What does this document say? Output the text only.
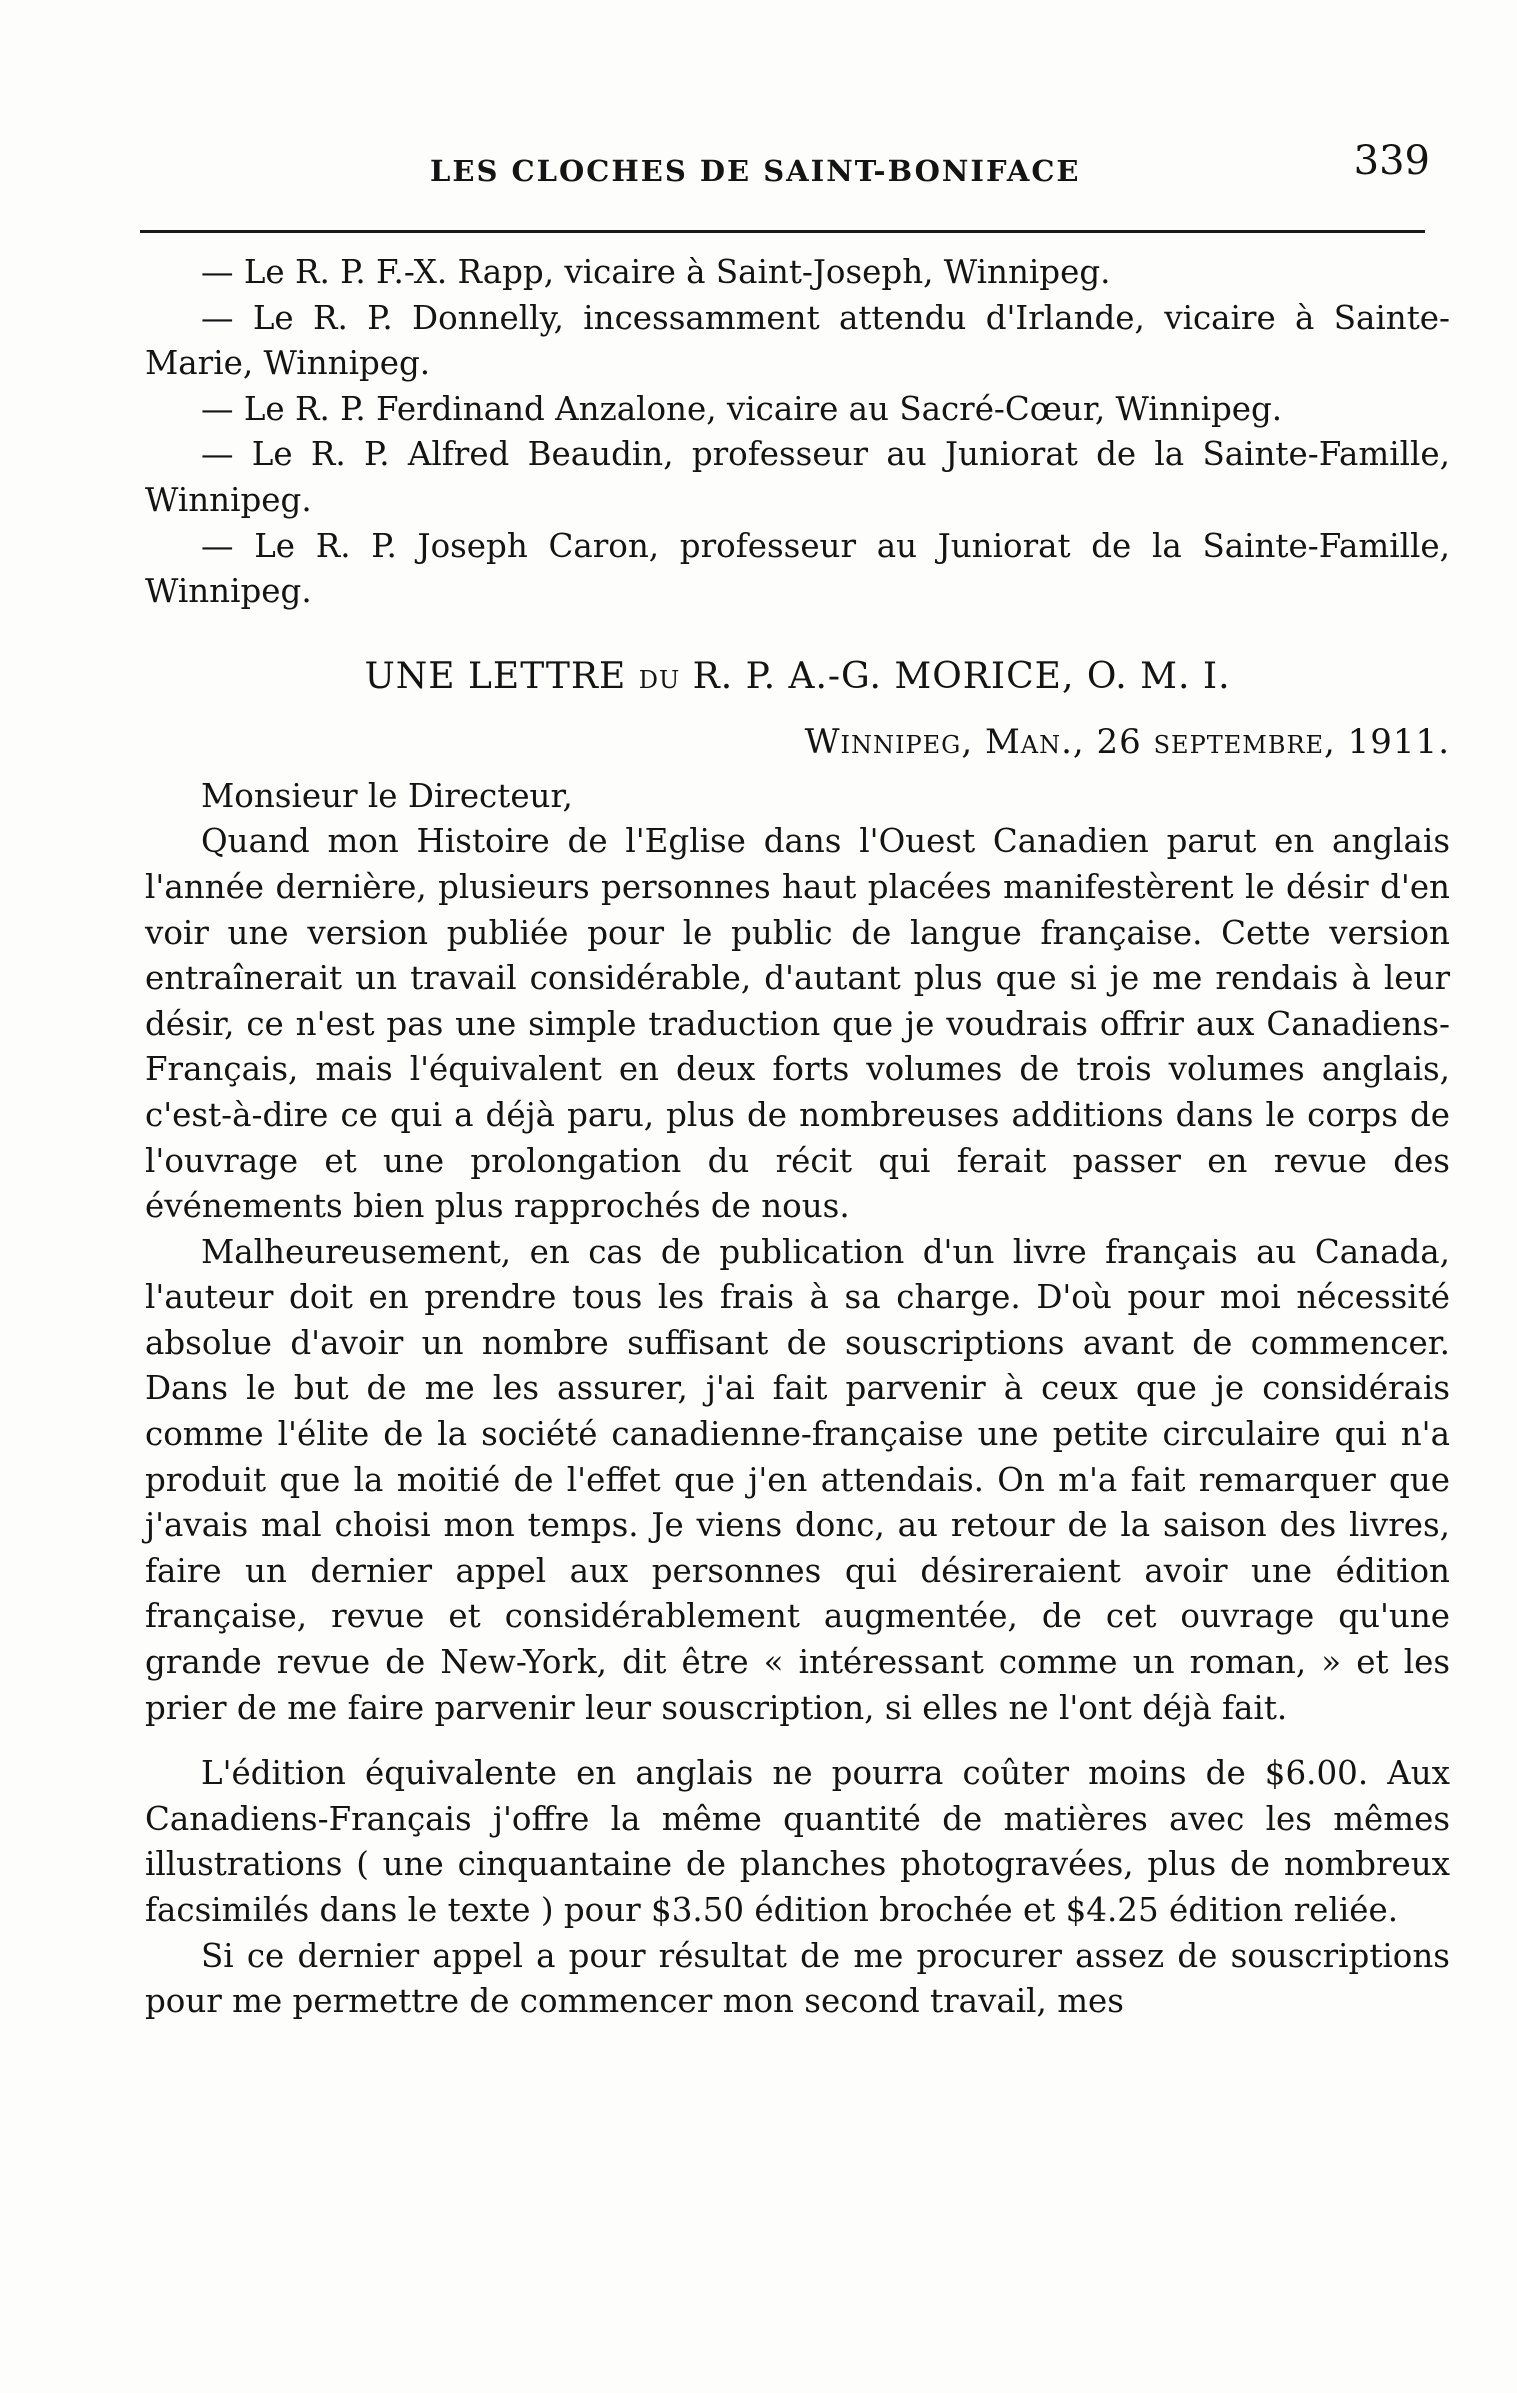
LES CLOCHES DE SAINT-BONIFACE	339

— Le R. P. F.-X. Rapp, vicaire à Saint-Joseph, Winnipeg.

— Le R. P. Donnelly, incessamment attendu d'Irlande, vicaire à Sainte-Marie, Winnipeg.

— Le R. P. Ferdinand Anzalone, vicaire au Sacré-Cœur, Winnipeg.

— Le R. P. Alfred Beaudin, professeur au Juniorat de la Sainte-Famille, Winnipeg.

— Le R. P. Joseph Caron, professeur au Juniorat de la Sainte-Famille, Winnipeg.

UNE LETTRE DU R. P. A.-G. MORICE, O. M. I.
Winnipeg, Man., 26 septembre, 1911.
Monsieur le Directeur,

Quand mon Histoire de l'Eglise dans l'Ouest Canadien parut en anglais l'année dernière, plusieurs personnes haut placées manifestèrent le désir d'en voir une version publiée pour le public de langue française. Cette version entraînerait un travail considérable, d'autant plus que si je me rendais à leur désir, ce n'est pas une simple traduction que je voudrais offrir aux Canadiens-Français, mais l'équivalent en deux forts volumes de trois volumes anglais, c'est-à-dire ce qui a déjà paru, plus de nombreuses additions dans le corps de l'ouvrage et une prolongation du récit qui ferait passer en revue des événements bien plus rapprochés de nous.

Malheureusement, en cas de publication d'un livre français au Canada, l'auteur doit en prendre tous les frais à sa charge. D'où pour moi nécessité absolue d'avoir un nombre suffisant de souscriptions avant de commencer. Dans le but de me les assurer, j'ai fait parvenir à ceux que je considérais comme l'élite de la société canadienne-française une petite circulaire qui n'a produit que la moitié de l'effet que j'en attendais. On m'a fait remarquer que j'avais mal choisi mon temps. Je viens donc, au retour de la saison des livres, faire un dernier appel aux personnes qui désireraient avoir une édition française, revue et considérablement augmentée, de cet ouvrage qu'une grande revue de New-York, dit être « intéressant comme un roman, » et les prier de me faire parvenir leur souscription, si elles ne l'ont déjà fait.

L'édition équivalente en anglais ne pourra coûter moins de $6.00. Aux Canadiens-Français j'offre la même quantité de matières avec les mêmes illustrations ( une cinquantaine de planches photogravées, plus de nombreux facsimilés dans le texte ) pour $3.50 édition brochée et $4.25 édition reliée.

Si ce dernier appel a pour résultat de me procurer assez de souscriptions pour me permettre de commencer mon second travail, mes
